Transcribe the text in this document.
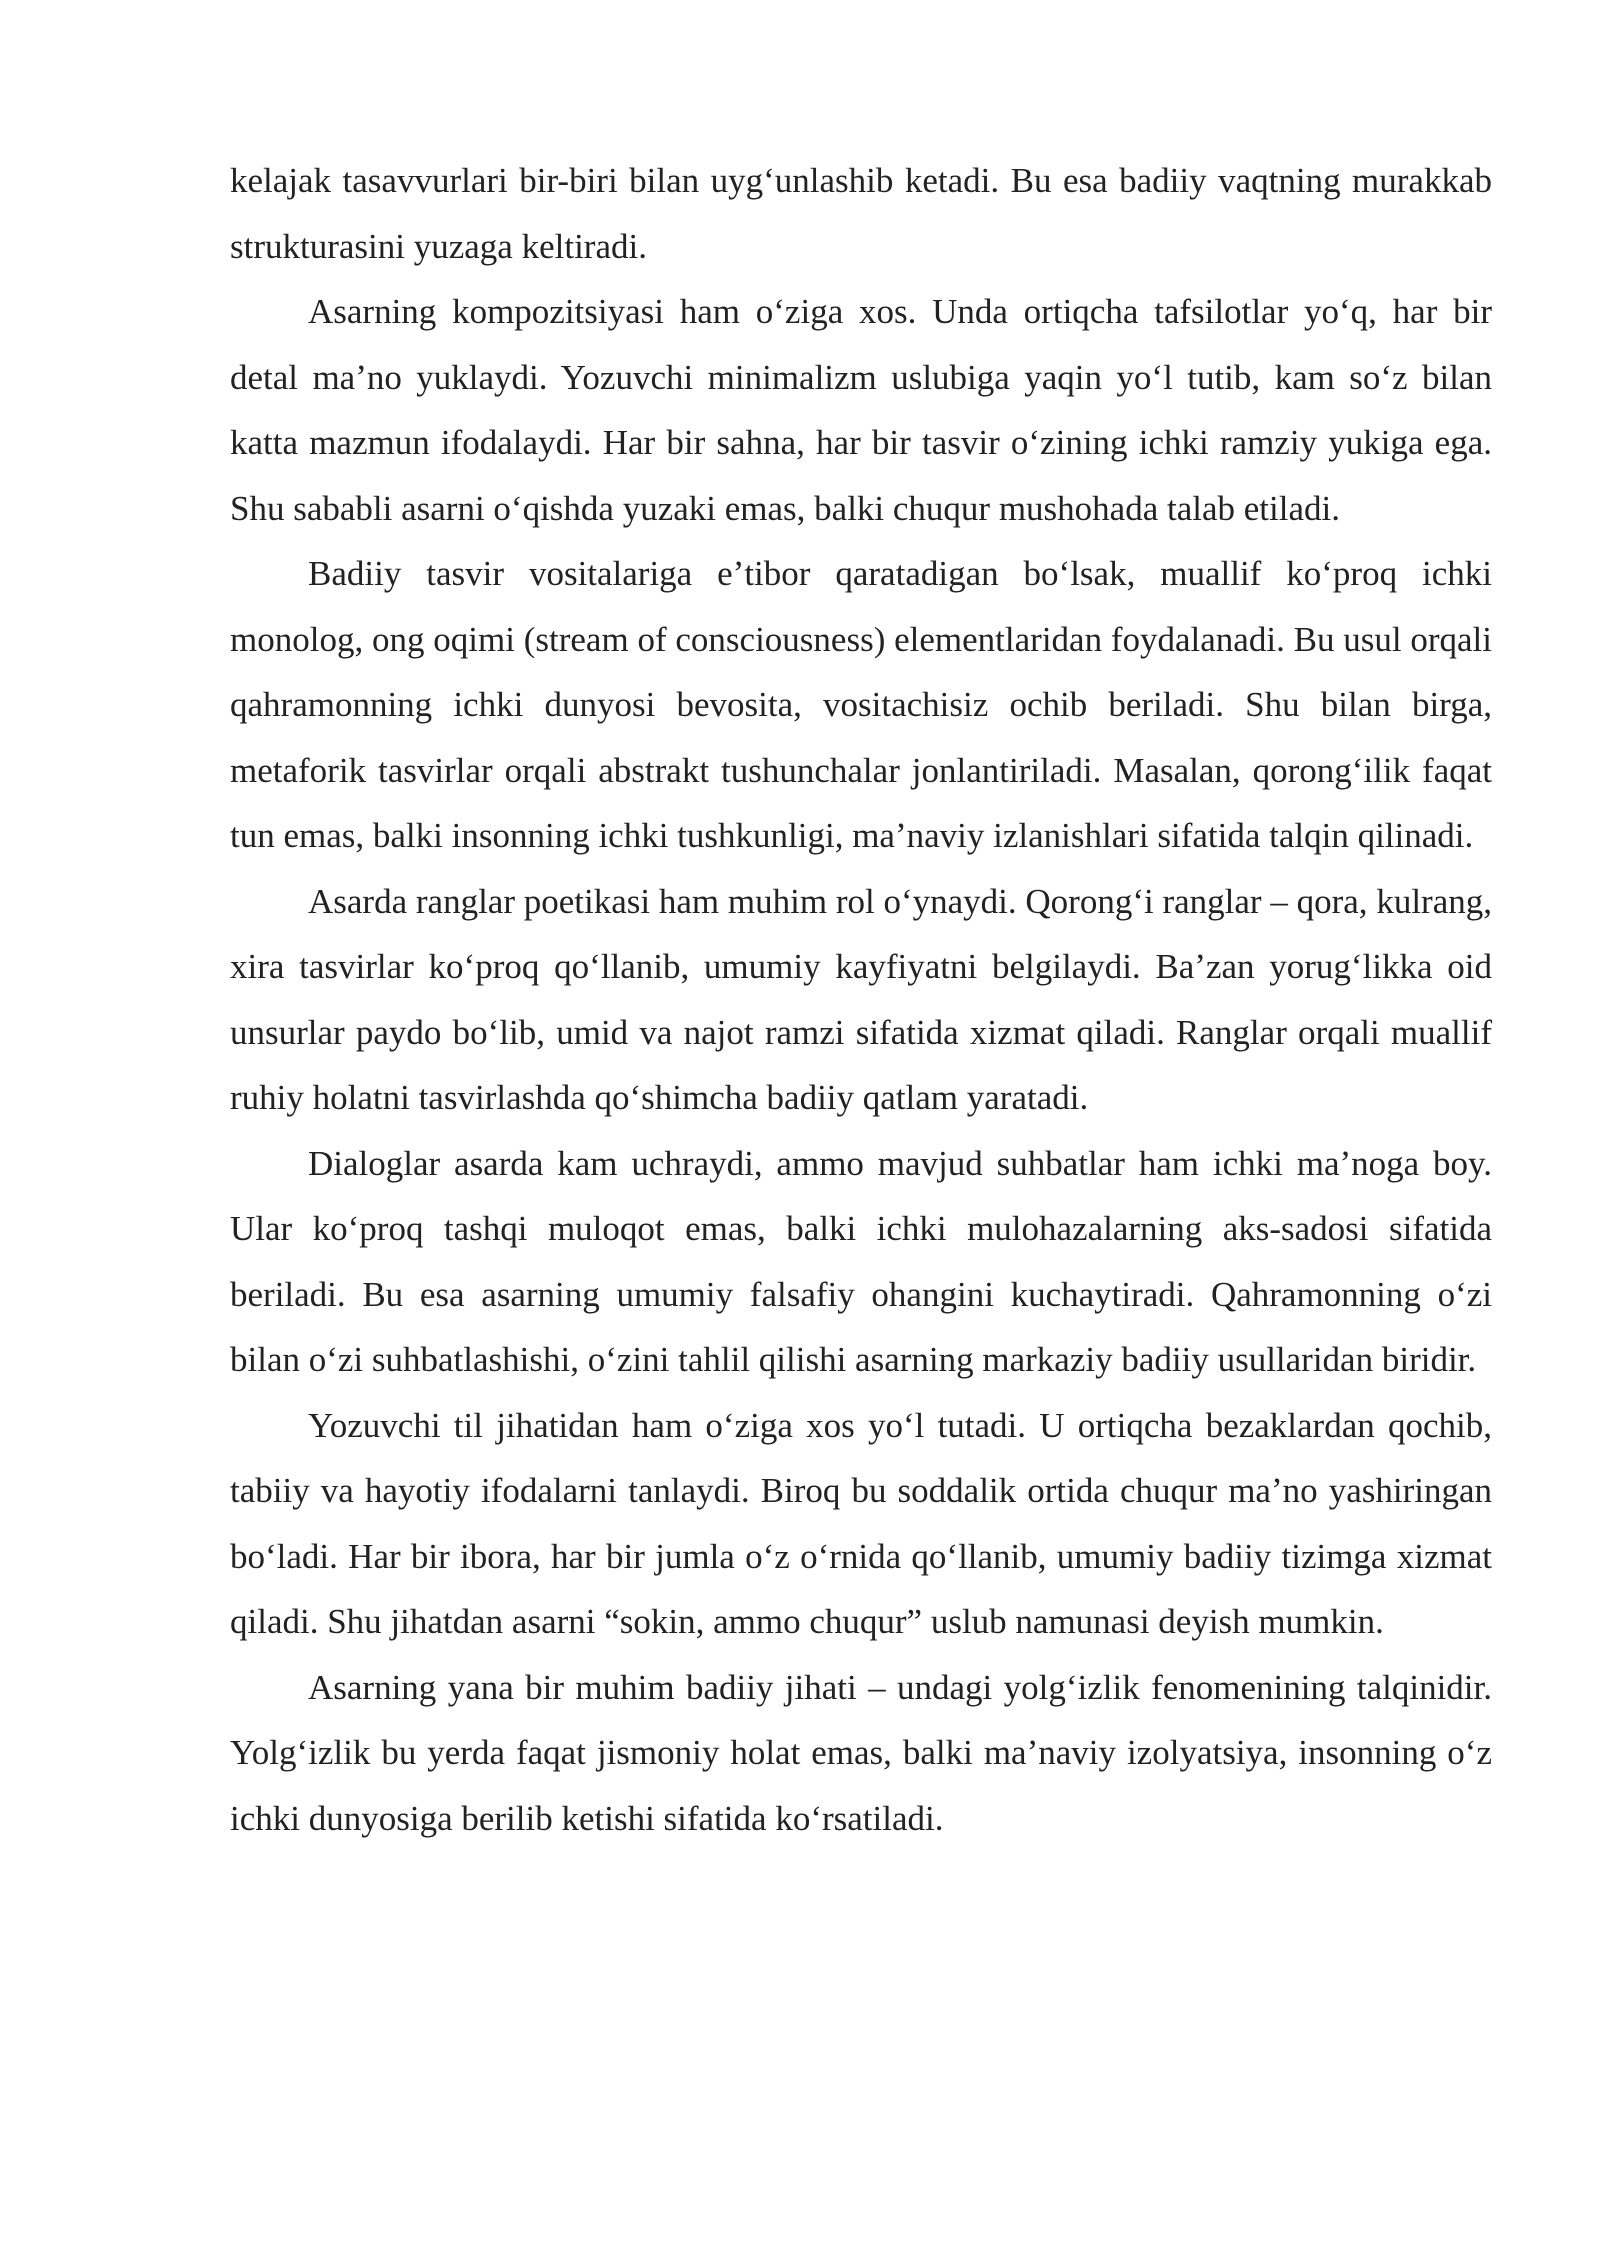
kelajak tasavvurlari bir-biri bilan uygʻunlashib ketadi. Bu esa badiiy vaqtning murakkab strukturasini yuzaga keltiradi.

Asarning kompozitsiyasi ham oʻziga xos. Unda ortiqcha tafsilotlar yoʻq, har bir detal maʼno yuklaydi. Yozuvchi minimalizm uslubiga yaqin yoʻl tutib, kam soʻz bilan katta mazmun ifodalaydi. Har bir sahna, har bir tasvir oʻzining ichki ramziy yukiga ega. Shu sababli asarni oʻqishda yuzaki emas, balki chuqur mushohada talab etiladi.

Badiiy tasvir vositalariga eʼtibor qaratadigan boʻlsak, muallif koʻproq ichki monolog, ong oqimi (stream of consciousness) elementlaridan foydalanadi. Bu usul orqali qahramonning ichki dunyosi bevosita, vositachisiz ochib beriladi. Shu bilan birga, metaforik tasvirlar orqali abstrakt tushunchalar jonlantiriladi. Masalan, qorongʻilik faqat tun emas, balki insonning ichki tushkunligi, maʼnaviy izlanishlari sifatida talqin qilinadi.

Asarda ranglar poetikasi ham muhim rol oʻynaydi. Qorongʻi ranglar – qora, kulrang, xira tasvirlar koʻproq qoʻllanib, umumiy kayfiyatni belgilaydi. Baʼzan yorugʻlikka oid unsurlar paydo boʻlib, umid va najot ramzi sifatida xizmat qiladi. Ranglar orqali muallif ruhiy holatni tasvirlashda qoʻshimcha badiiy qatlam yaratadi.

Dialoglar asarda kam uchraydi, ammo mavjud suhbatlar ham ichki maʼnoga boy. Ular koʻproq tashqi muloqot emas, balki ichki mulohazalarning aks-sadosi sifatida beriladi. Bu esa asarning umumiy falsafiy ohangini kuchaytiradi. Qahramonning oʻzi bilan oʻzi suhbatlashishi, oʻzini tahlil qilishi asarning markaziy badiiy usullaridan biridir.

Yozuvchi til jihatidan ham oʻziga xos yoʻl tutadi. U ortiqcha bezaklardan qochib, tabiiy va hayotiy ifodalarni tanlaydi. Biroq bu soddalik ortida chuqur maʼno yashiringan boʻladi. Har bir ibora, har bir jumla oʻz oʻrnida qoʻllanib, umumiy badiiy tizimga xizmat qiladi. Shu jihatdan asarni “sokin, ammo chuqur” uslub namunasi deyish mumkin.

Asarning yana bir muhim badiiy jihati – undagi yolgʻizlik fenomenining talqinidir. Yolgʻizlik bu yerda faqat jismoniy holat emas, balki maʼnaviy izolyatsiya, insonning oʻz ichki dunyosiga berilib ketishi sifatida koʻrsatiladi.
